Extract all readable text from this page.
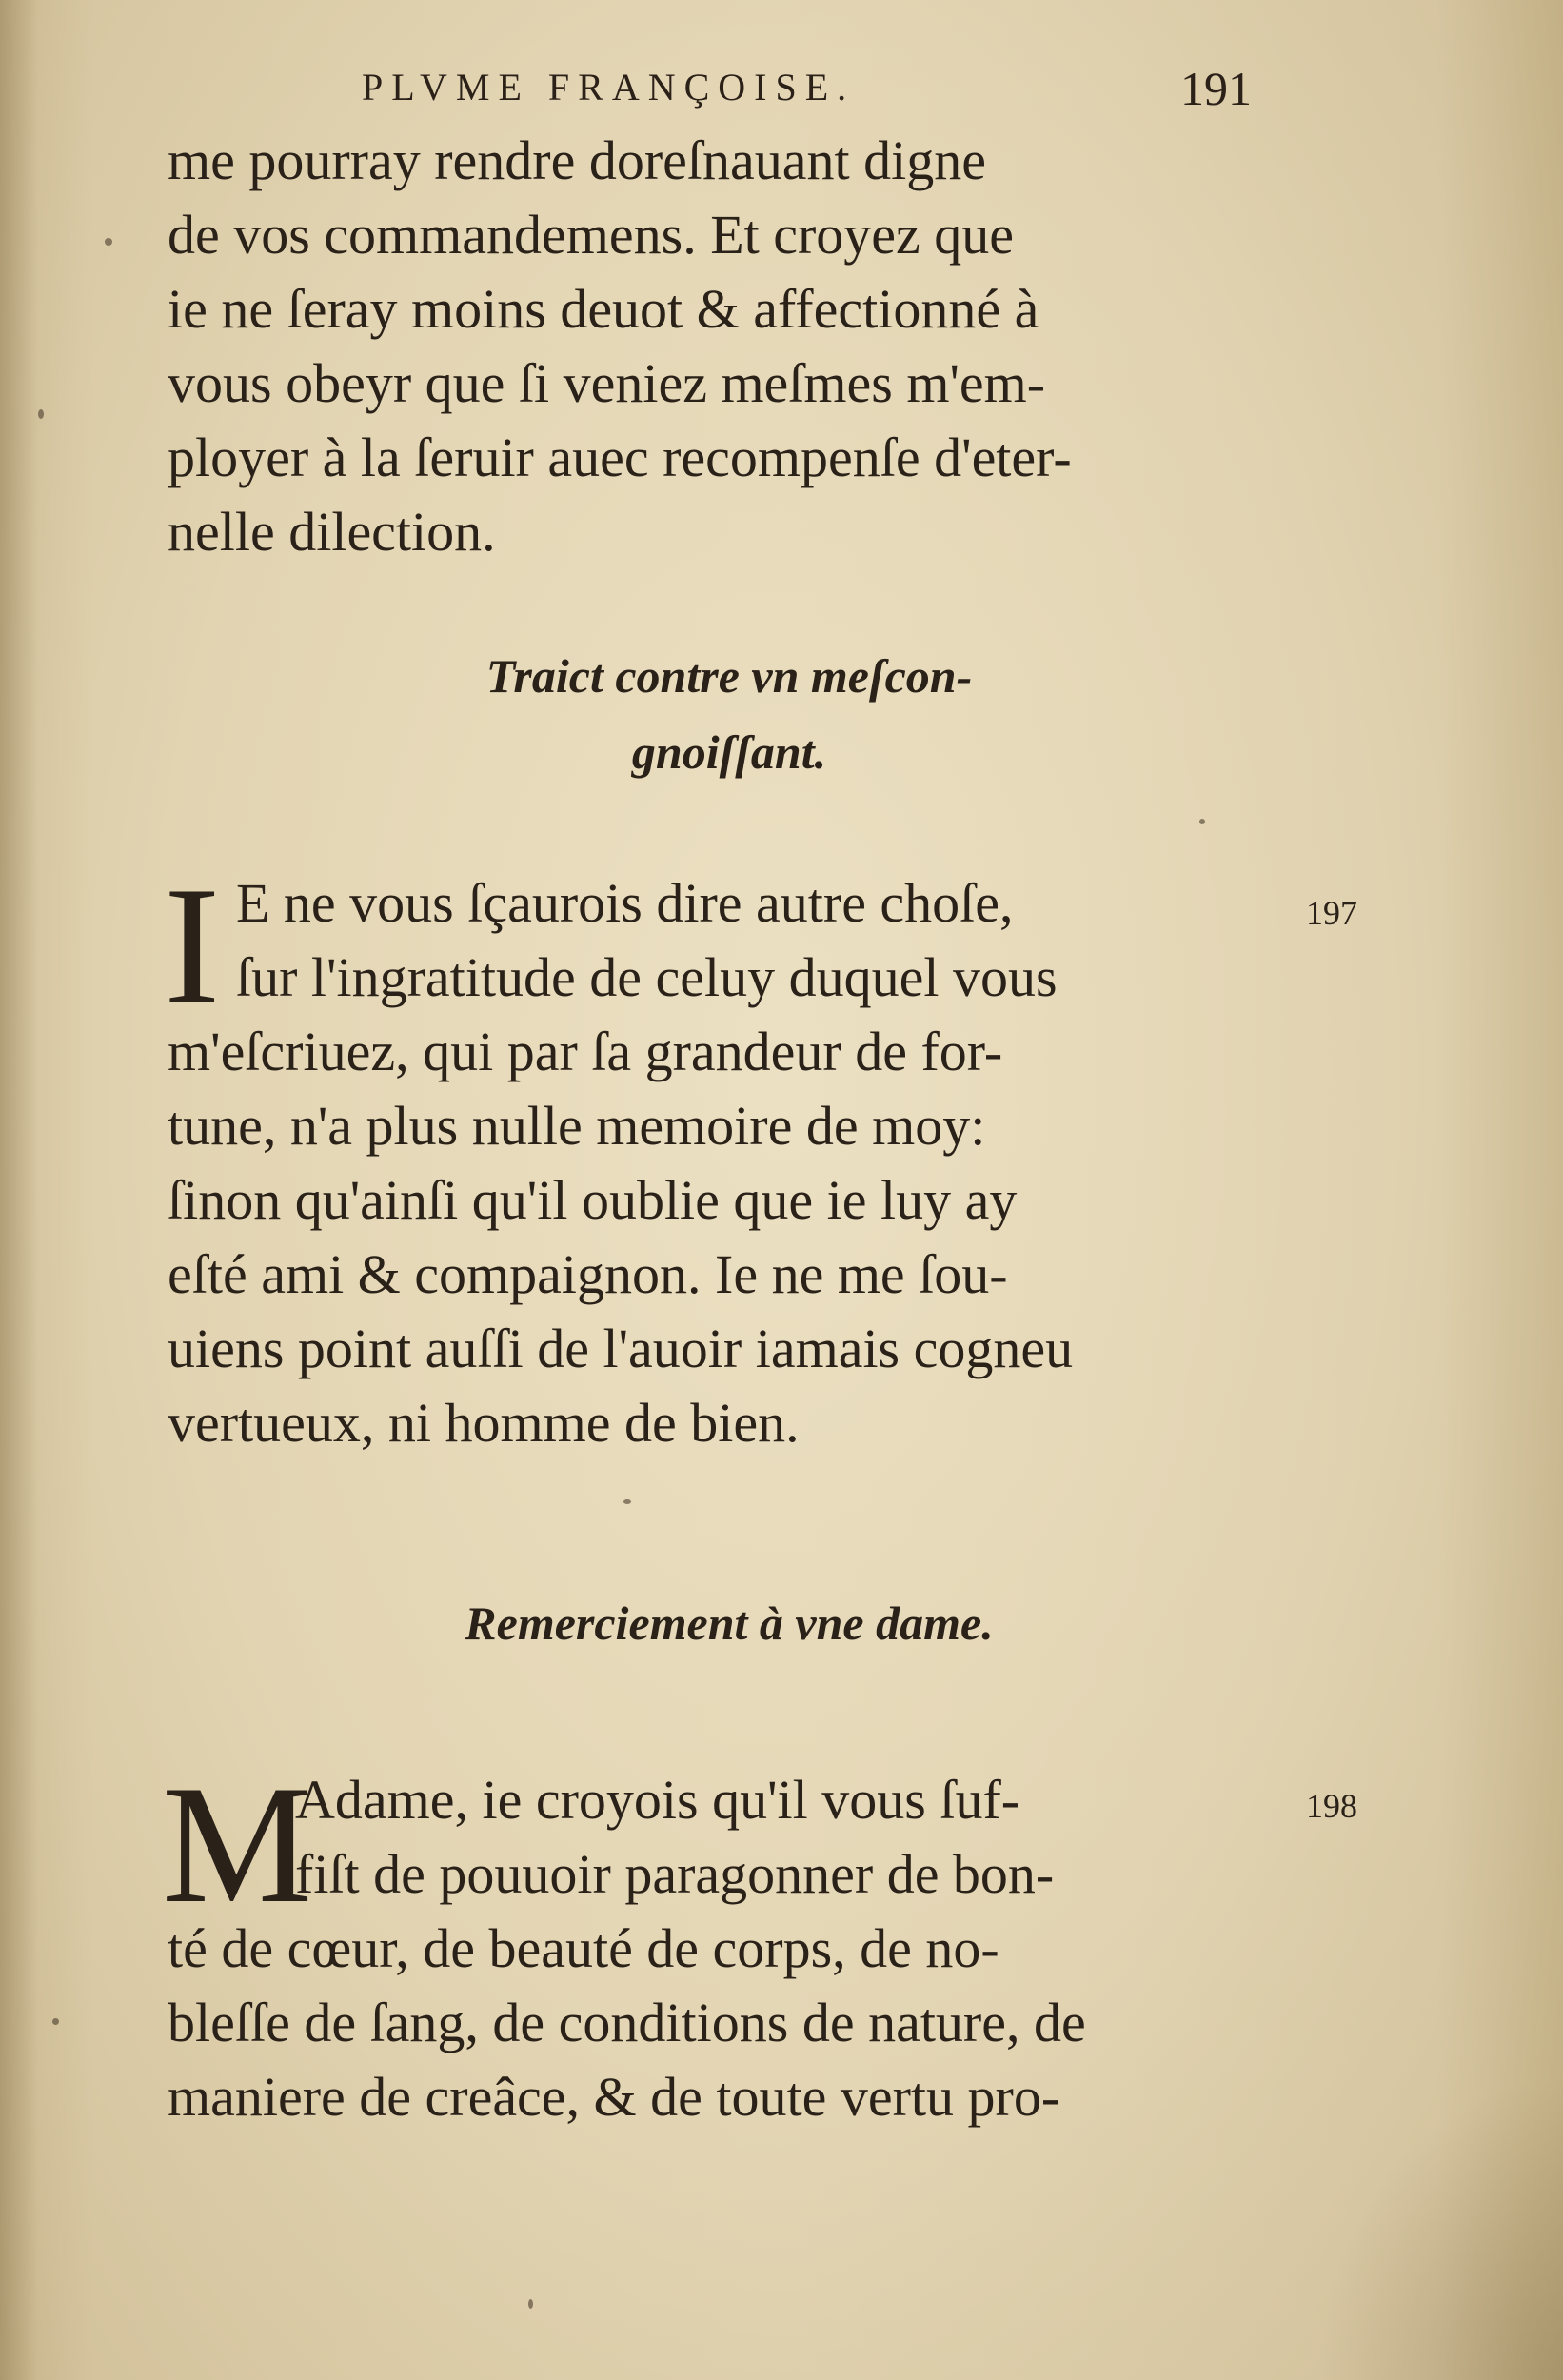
PLVME FRANÇOISE.	191
me pourray rendre doreſnauant digne
de vos commandemens. Et croyez que
ie ne ſeray moins deuot & affectionné à
vous obeyr que ſi veniez meſmes m'em-
ployer à la ſeruir auec recompenſe d'eter-
nelle dilection.
Traict contre vn meſcon-
gnoiſſant.
I E ne vous ſçaurois dire autre choſe,
ſur l'ingratitude de celuy duquel vous
m'eſcriuez, qui par ſa grandeur de for-
tune, n'a plus nulle memoire de moy:
ſinon qu'ainſi qu'il oublie que ie luy ay
eſté ami & compaignon. Ie ne me ſou-
uiens point auſſi de l'auoir iamais cogneu
vertueux, ni homme de bien.
197
Remerciement à vne dame.
M
Adame, ie croyois qu'il vous ſuf-
fiſt de pouuoir paragonner de bon-
té de cœur, de beauté de corps, de no-
bleſſe de ſang, de conditions de nature, de
maniere de creâce, & de toute vertu pro-
198
